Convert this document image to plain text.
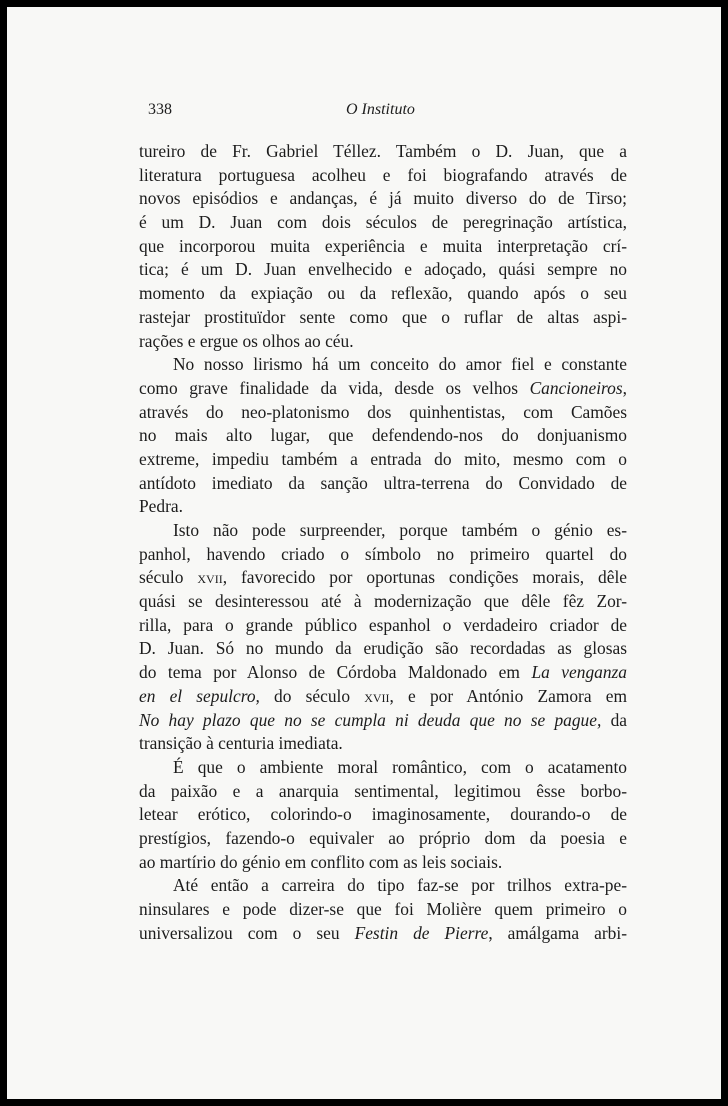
338	O Instituto
tureiro de Fr. Gabriel Téllez. Também o D. Juan, que a
literatura portuguesa acolheu e foi biografando através de
novos episódios e andanças, é já muito diverso do de Tirso;
é um D. Juan com dois séculos de peregrinação artística,
que incorporou muita experiência e muita interpretação crí-
tica; é um D. Juan envelhecido e adoçado, quási sempre no
momento da expiação ou da reflexão, quando após o seu
rastejar prostituïdor sente como que o ruflar de altas aspi-
rações e ergue os olhos ao céu.
No nosso lirismo há um conceito do amor fiel e constante
como grave finalidade da vida, desde os velhos Cancioneiros,
através do neo-platonismo dos quinhentistas, com Camões
no mais alto lugar, que defendendo-nos do donjuanismo
extreme, impediu também a entrada do mito, mesmo com o
antídoto imediato da sanção ultra-terrena do Convidado de
Pedra.
Isto não pode surpreender, porque também o génio es-
panhol, havendo criado o símbolo no primeiro quartel do
século xvii, favorecido por oportunas condições morais, dêle
quási se desinteressou até à modernização que dêle fêz Zor-
rilla, para o grande público espanhol o verdadeiro criador de
D. Juan. Só no mundo da erudição são recordadas as glosas
do tema por Alonso de Córdoba Maldonado em La venganza
en el sepulcro, do século xvii, e por António Zamora em
No hay plazo que no se cumpla ni deuda que no se pague, da
transição à centuria imediata.
É que o ambiente moral romântico, com o acatamento
da paixão e a anarquia sentimental, legitimou êsse borbo-
letear erótico, colorindo-o imaginosamente, dourando-o de
prestígios, fazendo-o equivaler ao próprio dom da poesia e
ao martírio do génio em conflito com as leis sociais.
Até então a carreira do tipo faz-se por trilhos extra-pe-
ninsulares e pode dizer-se que foi Molière quem primeiro o
universalizou com o seu Festin de Pierre, amálgama arbi-
